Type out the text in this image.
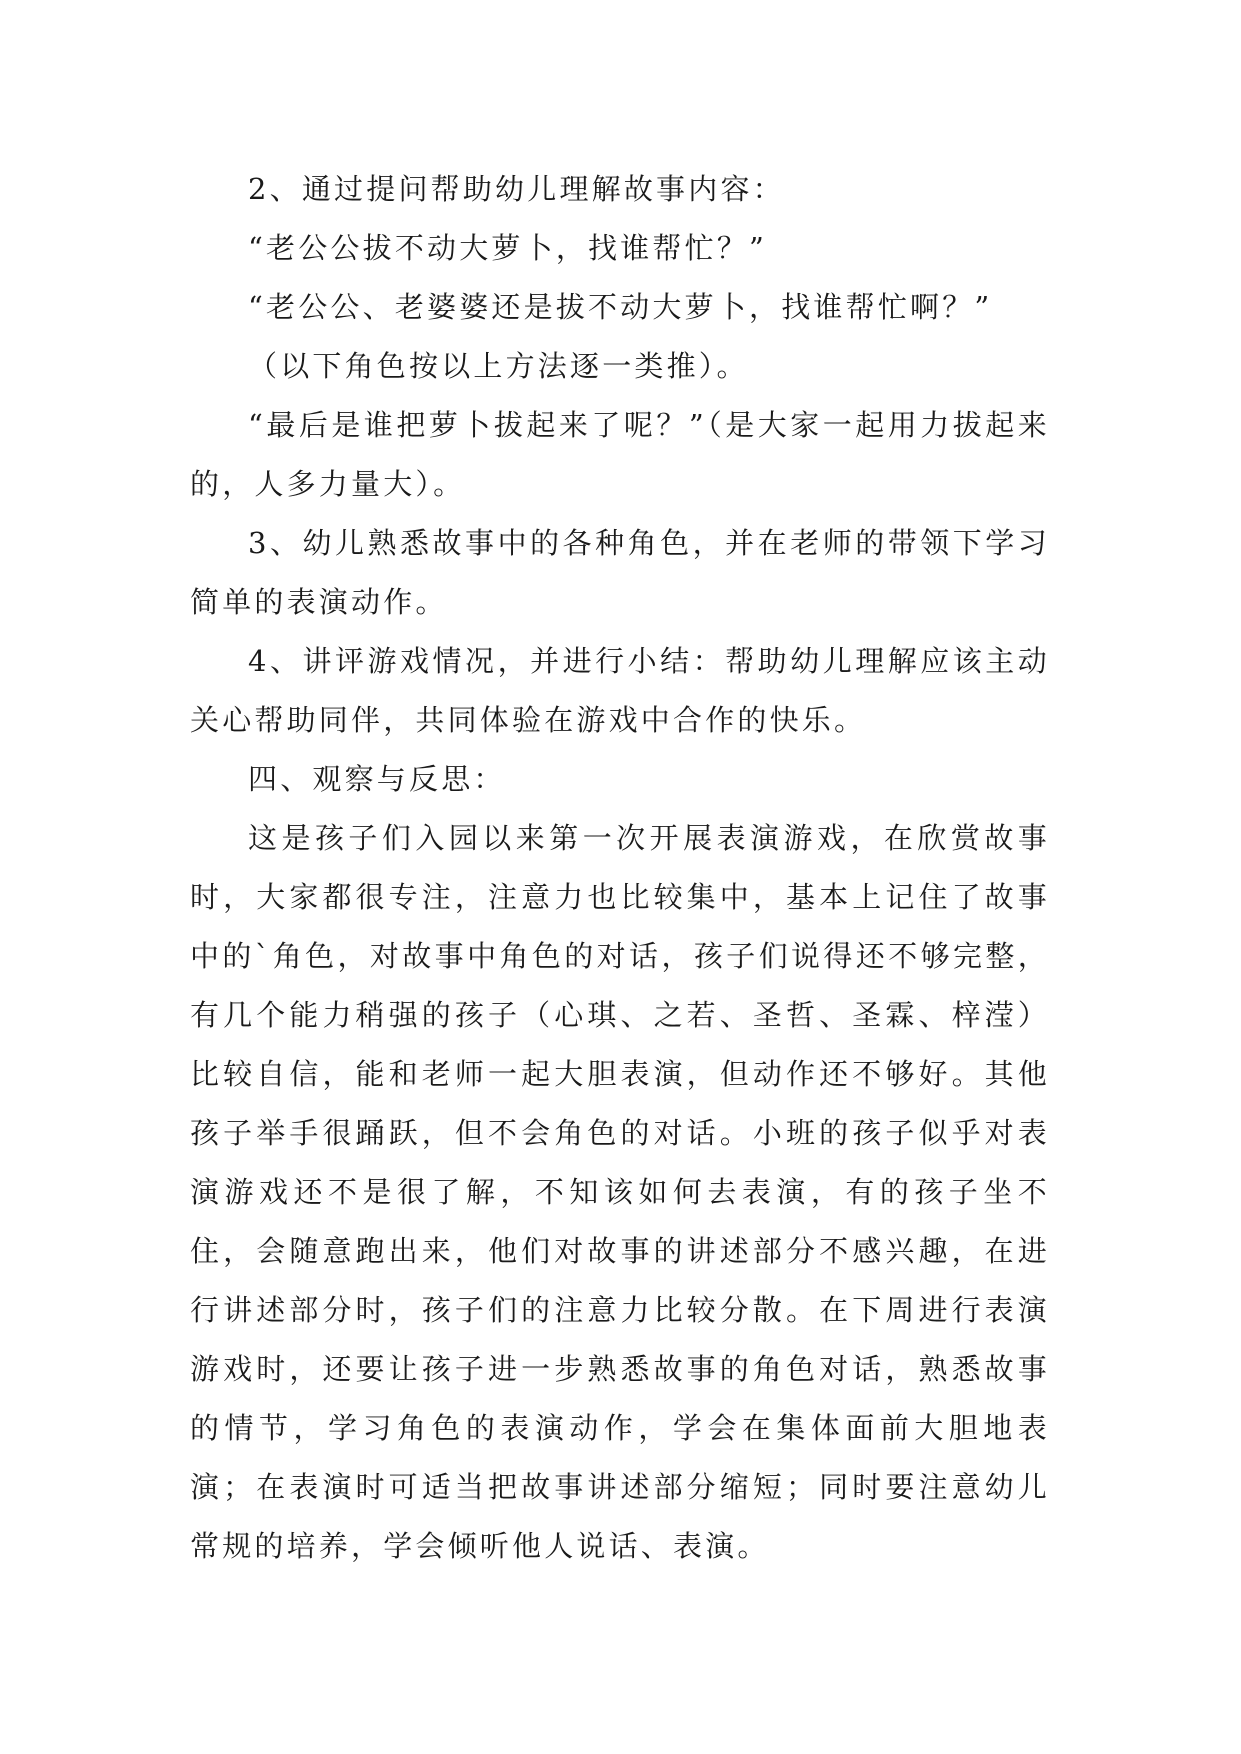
2、通过提问帮助幼儿理解故事内容：

“老公公拔不动大萝卜，找谁帮忙？”

“老公公、老婆婆还是拔不动大萝卜，找谁帮忙啊？”

（以下角色按以上方法逐一类推）。

“最后是谁把萝卜拔起来了呢？”（是大家一起用力拔起来的，人多力量大）。

3、幼儿熟悉故事中的各种角色，并在老师的带领下学习简单的表演动作。

4、讲评游戏情况，并进行小结：帮助幼儿理解应该主动关心帮助同伴，共同体验在游戏中合作的快乐。

四、观察与反思：

这是孩子们入园以来第一次开展表演游戏，在欣赏故事时，大家都很专注，注意力也比较集中，基本上记住了故事中的`角色，对故事中角色的对话，孩子们说得还不够完整，有几个能力稍强的孩子（心琪、之若、圣哲、圣霖、梓滢）比较自信，能和老师一起大胆表演，但动作还不够好。其他孩子举手很踊跃，但不会角色的对话。小班的孩子似乎对表演游戏还不是很了解，不知该如何去表演，有的孩子坐不住，会随意跑出来，他们对故事的讲述部分不感兴趣，在进行讲述部分时，孩子们的注意力比较分散。在下周进行表演游戏时，还要让孩子进一步熟悉故事的角色对话，熟悉故事的情节，学习角色的表演动作，学会在集体面前大胆地表演；在表演时可适当把故事讲述部分缩短；同时要注意幼儿常规的培养，学会倾听他人说话、表演。
